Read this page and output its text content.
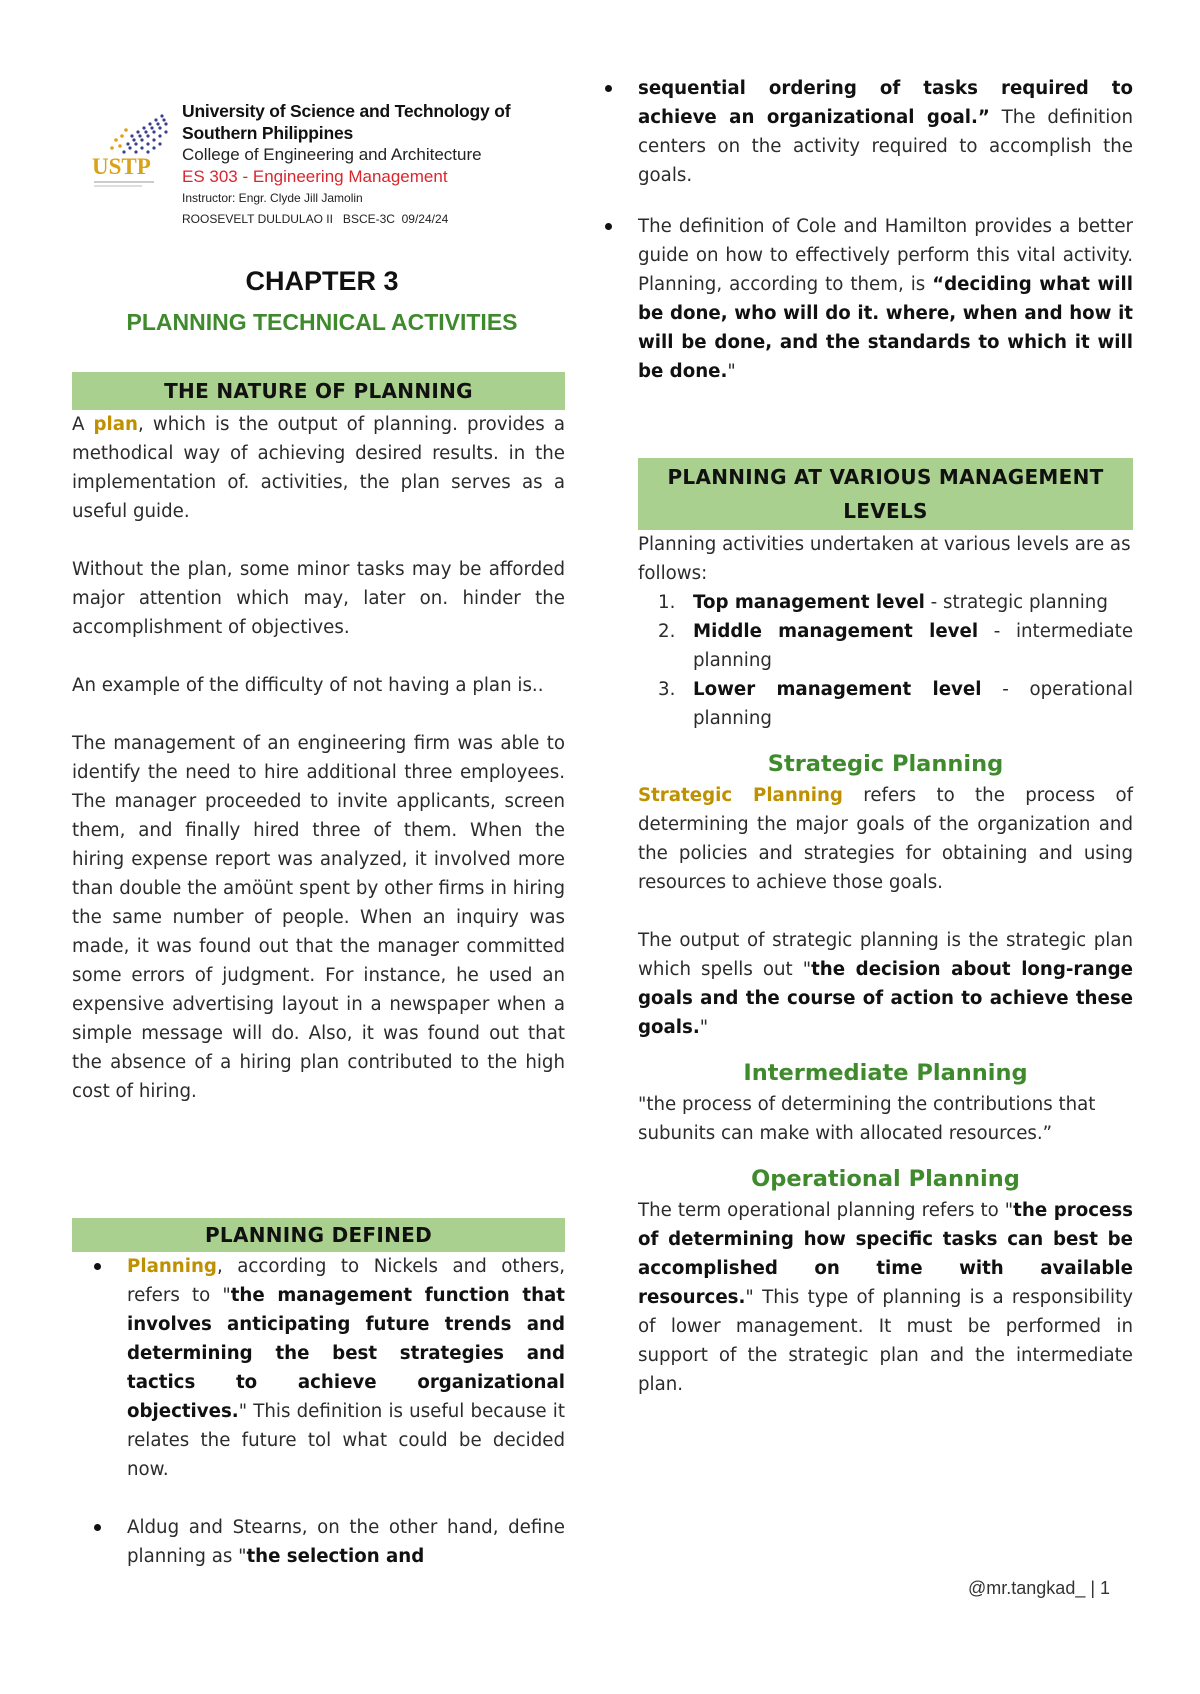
USTP
University of Science and Technology of
Southern Philippines
College of Engineering and Architecture
ES 303 - Engineering Management
Instructor: Engr. Clyde Jill Jamolin
ROOSEVELT DULDULAO II   BSCE-3C  09/24/24
CHAPTER 3
PLANNING TECHNICAL ACTIVITIES
THE NATURE OF PLANNING

A plan, which is the output of planning. provides a methodical way of achieving desired results. in the implementation of. activities, the plan serves as a useful guide.

Without the plan, some minor tasks may be afforded major attention which may, later on. hinder the accomplishment of objectives.

An example of the difficulty of not having a plan is..

The management of an engineering firm was able to identify the need to hire additional three employees. The manager proceeded to invite applicants, screen them, and finally hired three of them. When the hiring expense report was analyzed, it involved more than double the amöünt spent by other firms in hiring the same number of people. When an inquiry was made, it was found out that the manager committed some errors of judgment. For instance, he used an expensive advertising layout in a newspaper when a simple message will do. Also, it was found out that the absence of a hiring plan contributed to the high cost of hiring.

PLANNING DEFINED
Planning, according to Nickels and others, refers to "the management function that involves anticipating future trends and determining the best strategies and tactics to achieve organizational objectives." This definition is useful because it relates the future tol what could be decided now.
Aldug and Stearns, on the other hand, define planning as "the selection and
sequential ordering of tasks required to achieve an organizational goal.” The definition centers on the activity required to accomplish the goals.
The definition of Cole and Hamilton provides a better guide on how to effectively perform this vital activity. Planning, according to them, is “deciding what will be done, who will do it. where, when and how it will be done, and the standards to which it will be done."
PLANNING AT VARIOUS MANAGEMENT LEVELS

Planning activities undertaken at various levels are as follows:

1. Top management level - strategic planning
2. Middle management level - intermediate planning
3. Lower management level - operational planning
Strategic Planning

Strategic Planning refers to the process of determining the major goals of the organization and the policies and strategies for obtaining and using resources to achieve those goals.

The output of strategic planning is the strategic plan which spells out "the decision about long-range goals and the course of action to achieve these goals."

Intermediate Planning

"the process of determining the contributions that subunits can make with allocated resources.”

Operational Planning

The term operational planning refers to "the process of determining how specific tasks can best be accomplished on time with available resources." This type of planning is a responsibility of lower management. It must be performed in support of the strategic plan and the intermediate plan.

@mr.tangkad_ | 1
